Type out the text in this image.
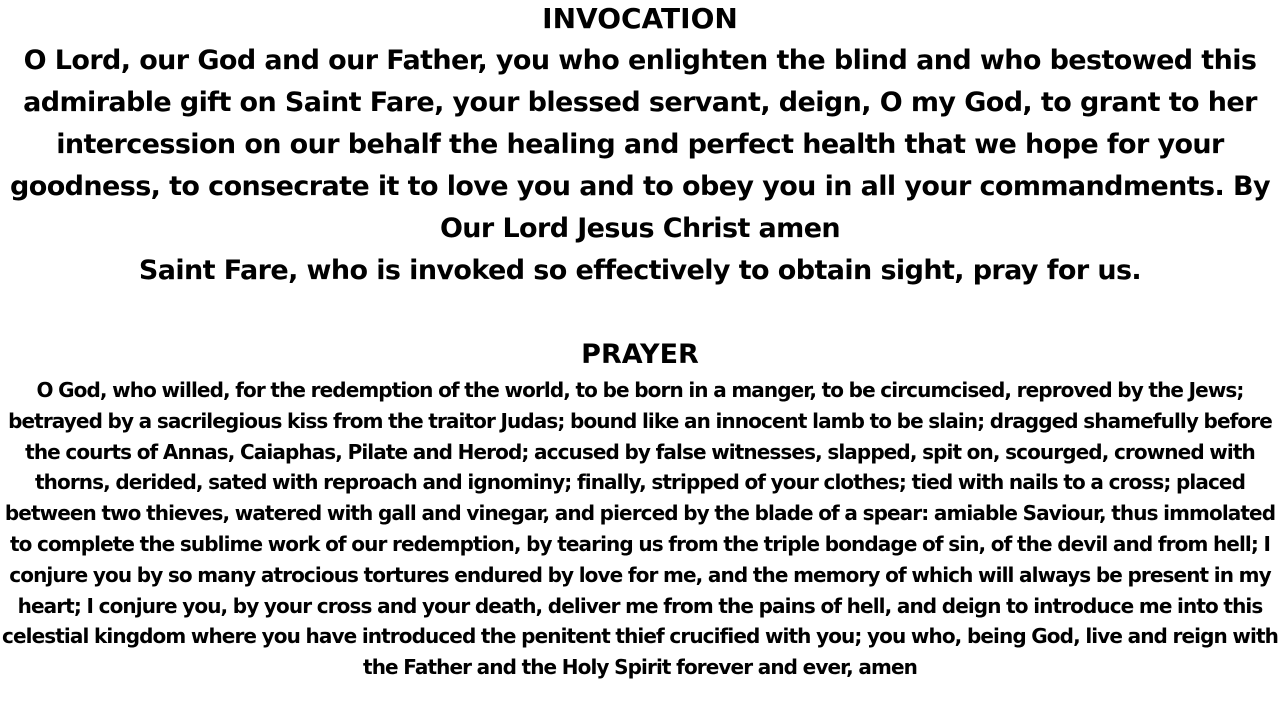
INVOCATION

O Lord, our God and our Father, you who enlighten the blind and who bestowed this admirable gift on Saint Fare, your blessed servant, deign, O my God, to grant to her intercession on our behalf the healing and perfect health that we hope for your goodness, to consecrate it to love you and to obey you in all your commandments. By Our Lord Jesus Christ amen

Saint Fare, who is invoked so effectively to obtain sight, pray for us.

PRAYER

O God, who willed, for the redemption of the world, to be born in a manger, to be circumcised, reproved by the Jews; betrayed by a sacrilegious kiss from the traitor Judas; bound like an innocent lamb to be slain; dragged shamefully before the courts of Annas, Caiaphas, Pilate and Herod; accused by false witnesses, slapped, spit on, scourged, crowned with thorns, derided, sated with reproach and ignominy; finally, stripped of your clothes; tied with nails to a cross; placed between two thieves, watered with gall and vinegar, and pierced by the blade of a spear: amiable Saviour, thus immolated to complete the sublime work of our redemption, by tearing us from the triple bondage of sin, of the devil and from hell; I conjure you by so many atrocious tortures endured by love for me, and the memory of which will always be present in my heart; I conjure you, by your cross and your death, deliver me from the pains of hell, and deign to introduce me into this celestial kingdom where you have introduced the penitent thief crucified with you; you who, being God, live and reign with the Father and the Holy Spirit forever and ever, amen
